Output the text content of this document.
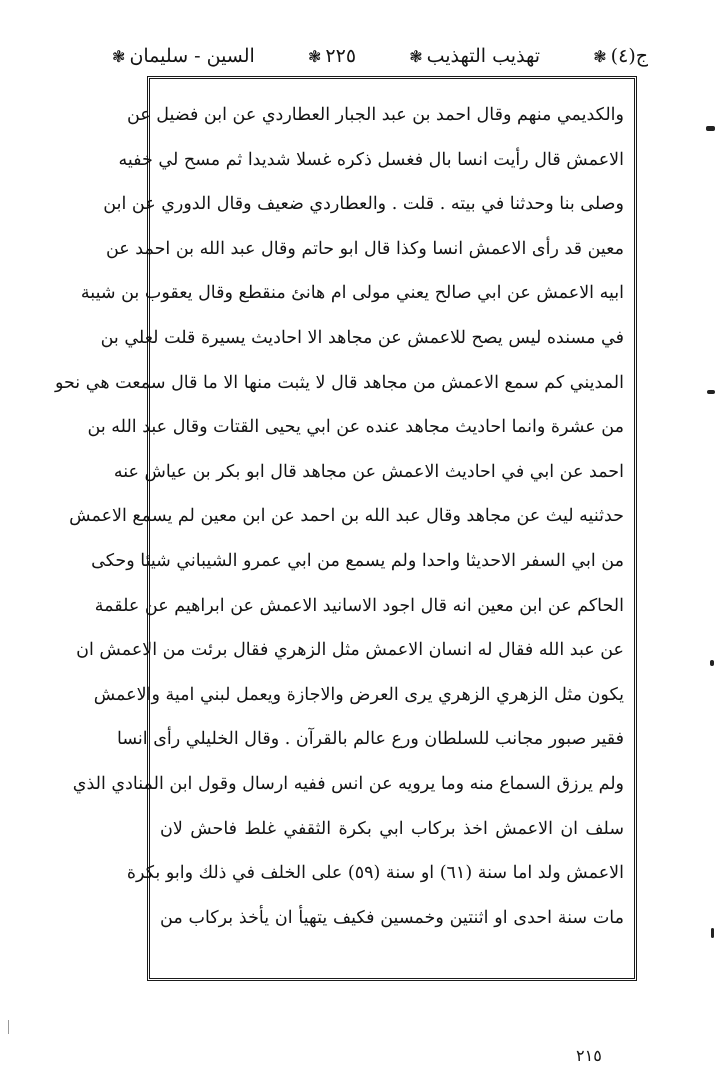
ج(٤)
❃
تهذيب التهذيب
❃
٢٢٥
❃
السين - سليمان
❃
والكديمي منهم وقال احمد بن عبد الجبار العطاردي عن ابن فضيل عن
الاعمش قال رأيت انسا بال فغسل ذكره غسلا شديدا ثم مسح لي خفيه
وصلى بنا وحدثنا في بيته . قلت . والعطاردي ضعيف وقال الدوري عن ابن
معين قد رأى الاعمش انسا وكذا قال ابو حاتم وقال عبد الله بن احمد عن
ابيه الاعمش عن ابي صالح يعني مولى ام هانئ منقطع وقال يعقوب بن شيبة
في مسنده ليس يصح للاعمش عن مجاهد الا احاديث يسيرة قلت لعلي بن
المديني كم سمع الاعمش من مجاهد قال لا يثبت منها الا ما قال سمعت هي نحو
من عشرة وانما احاديث مجاهد عنده عن ابي يحيى القتات وقال عبد الله بن
احمد عن ابي في احاديث الاعمش عن مجاهد قال ابو بكر بن عياش عنه
حدثنيه ليث عن مجاهد وقال عبد الله بن احمد عن ابن معين لم يسمع الاعمش
من ابي السفر الاحديثا واحدا ولم يسمع من ابي عمرو الشيباني شيئا وحكى
الحاكم عن ابن معين انه قال اجود الاسانيد الاعمش عن ابراهيم عن علقمة
عن عبد الله فقال له انسان الاعمش مثل الزهري فقال برئت من الاعمش ان
يكون مثل الزهري الزهري يرى العرض والاجازة ويعمل لبني امية والاعمش
فقير صبور مجانب للسلطان ورع عالم بالقرآن . وقال الخليلي رأى انسا
ولم يرزق السماع منه وما يرويه عن انس ففيه ارسال وقول ابن المنادي الذي
سلف ان الاعمش اخذ بركاب ابي بكرة الثقفي غلط فاحش لان
الاعمش ولد اما سنة (٦١) او سنة (٥٩) على الخلف في ذلك وابو بكرة
مات سنة احدى او اثنتين وخمسين فكيف يتهيأ ان يأخذ بركاب من
٢١٥
